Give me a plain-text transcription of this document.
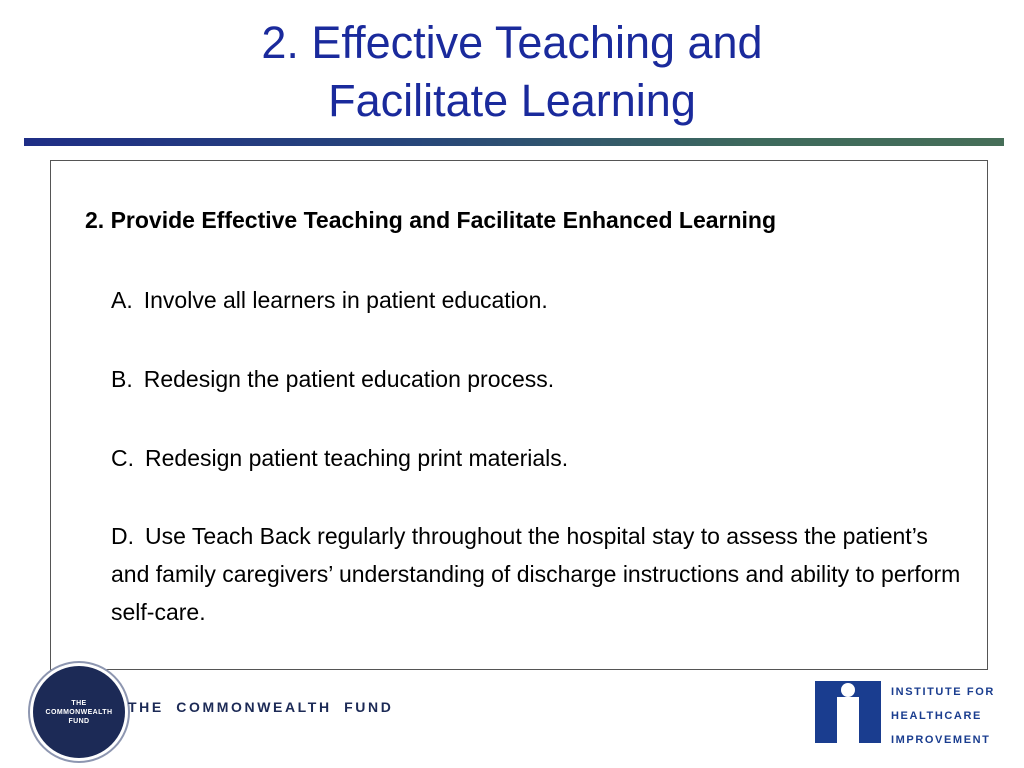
2. Effective Teaching and
Facilitate Learning
2. Provide Effective Teaching and Facilitate Enhanced Learning
A. Involve all learners in patient education.
B. Redesign the patient education process.
C. Redesign patient teaching print materials.
D. Use Teach Back regularly throughout the hospital stay to assess the patient’s and family caregivers’ understanding of discharge instructions and ability to perform self-care.
THE
COMMONWEALTH
FUND
THE COMMONWEALTH FUND
INSTITUTE FOR
HEALTHCARE
IMPROVEMENT
